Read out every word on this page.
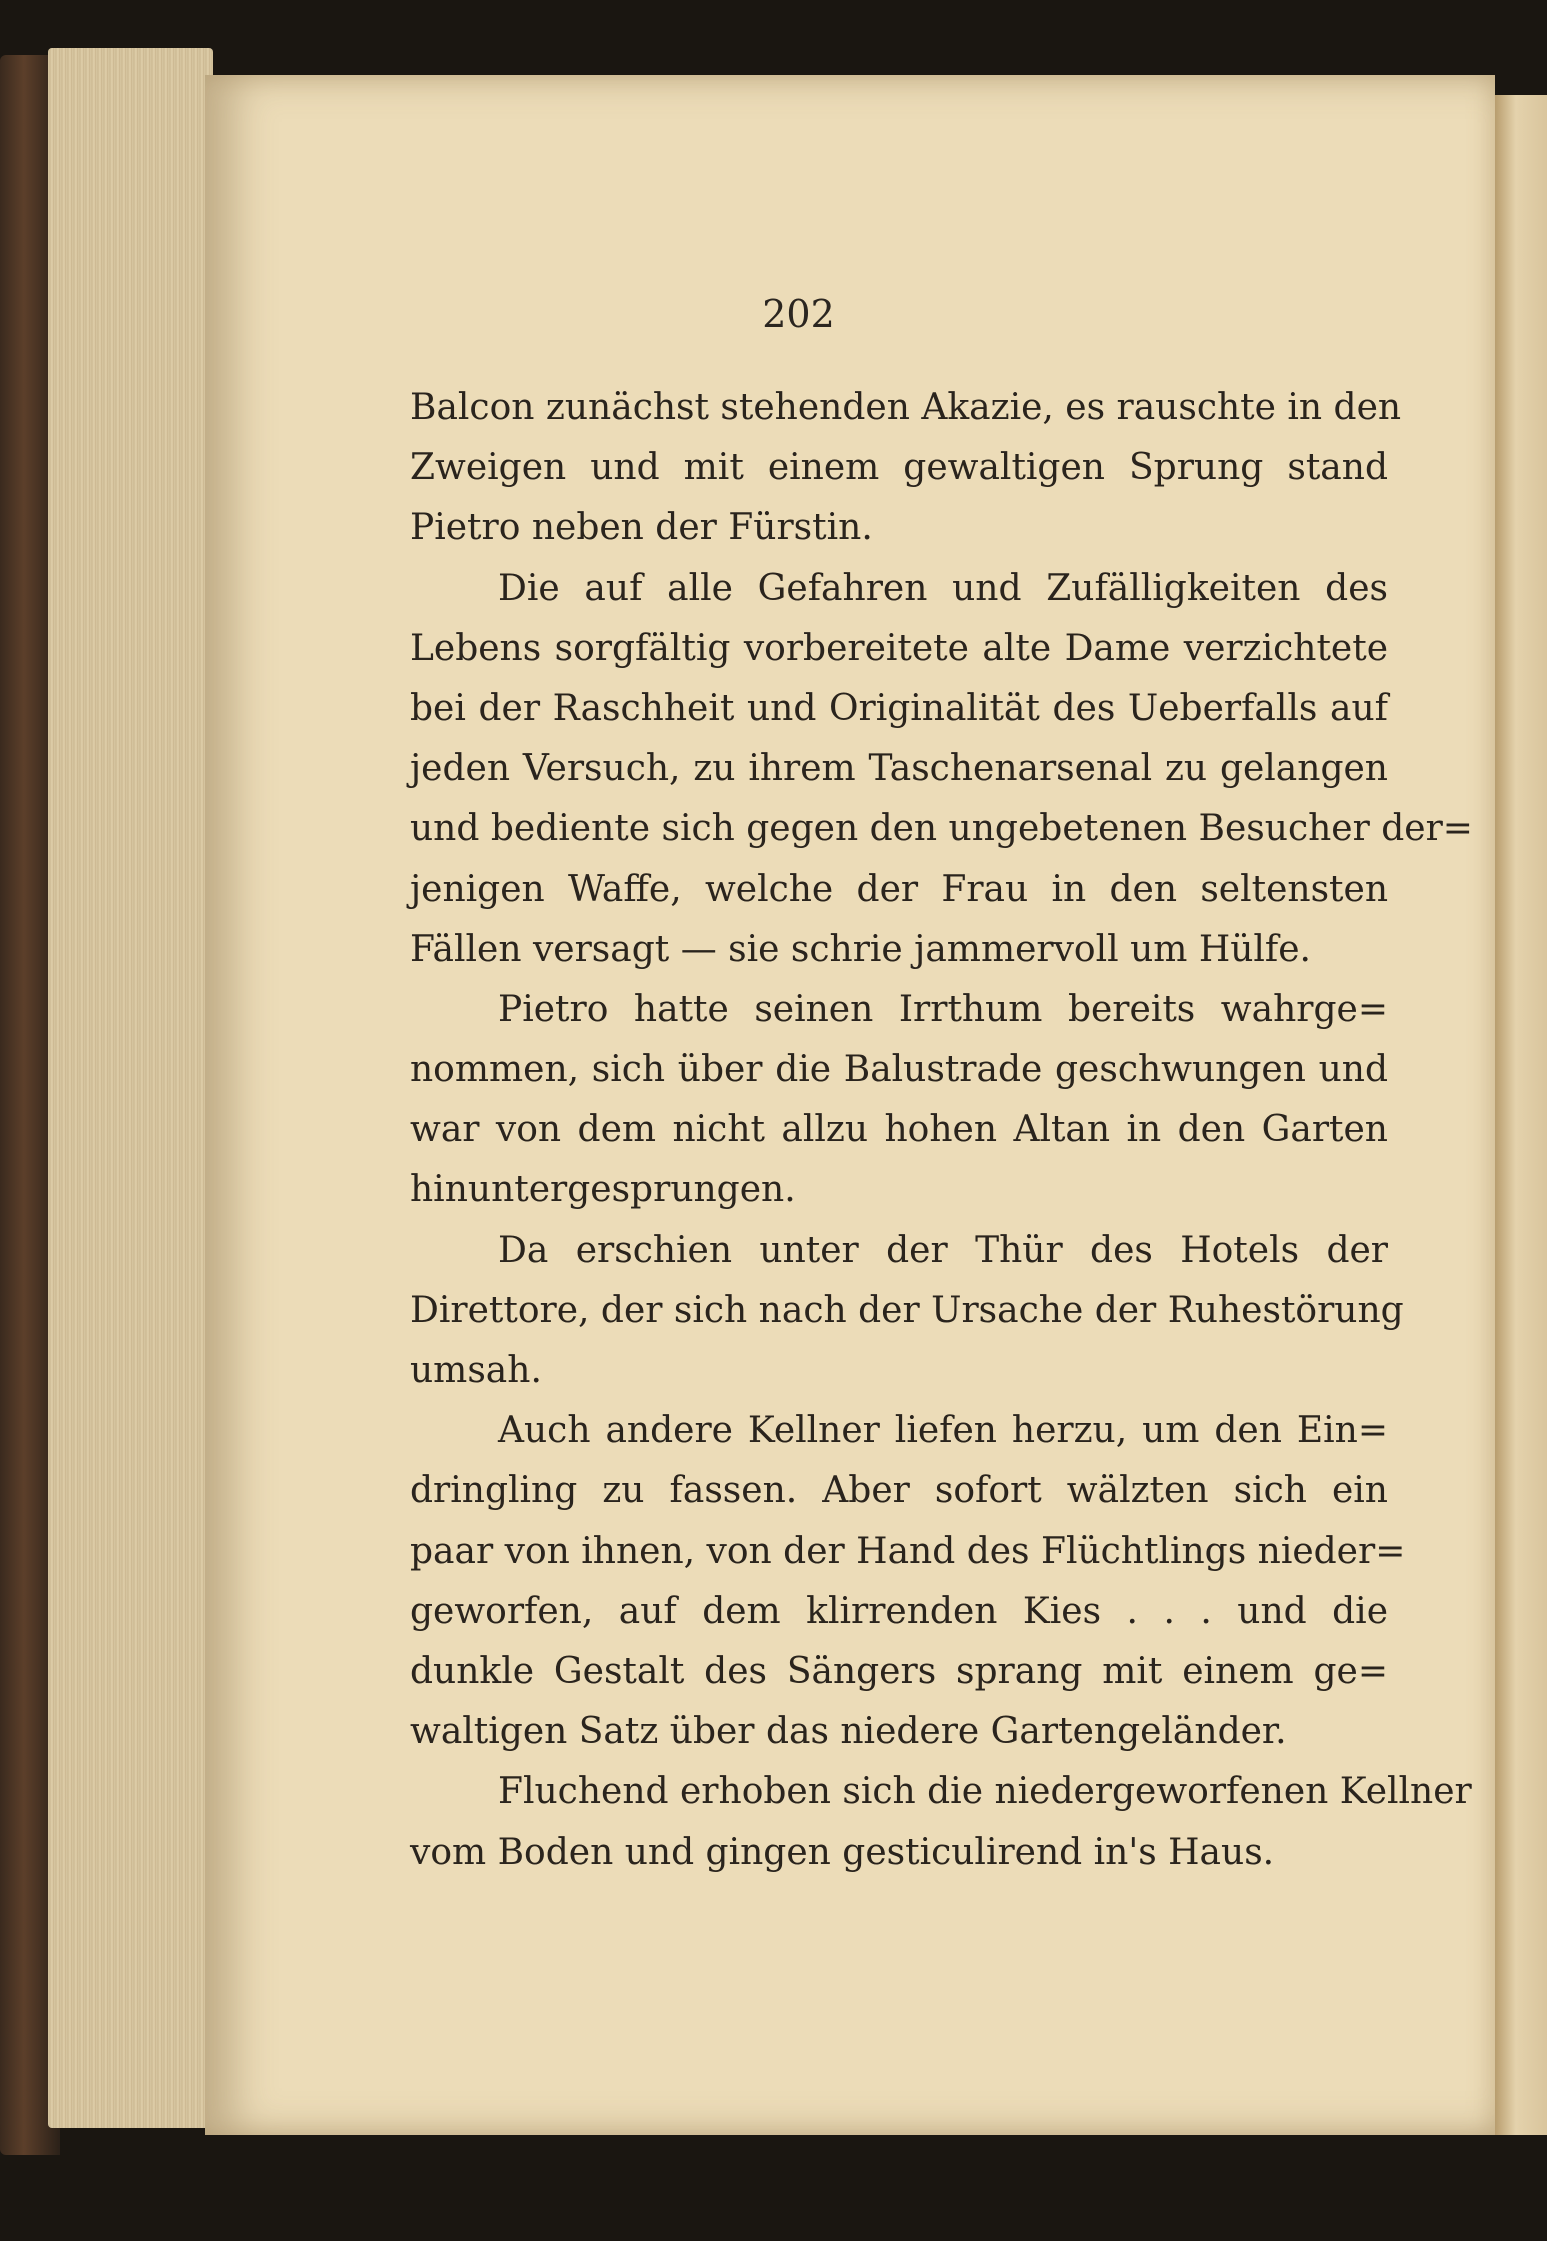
202
Balcon zunächst stehenden Akazie, es rauschte in den
Zweigen und mit einem gewaltigen Sprung stand
Pietro neben der Fürstin.
Die auf alle Gefahren und Zufälligkeiten des
Lebens sorgfältig vorbereitete alte Dame verzichtete
bei der Raschheit und Originalität des Ueberfalls auf
jeden Versuch, zu ihrem Taschenarsenal zu gelangen
und bediente sich gegen den ungebetenen Besucher der=
jenigen Waffe, welche der Frau in den seltensten
Fällen versagt — sie schrie jammervoll um Hülfe.
Pietro hatte seinen Irrthum bereits wahrge=
nommen, sich über die Balustrade geschwungen und
war von dem nicht allzu hohen Altan in den Garten
hinuntergesprungen.
Da erschien unter der Thür des Hotels der
Direttore, der sich nach der Ursache der Ruhestörung
umsah.
Auch andere Kellner liefen herzu, um den Ein=
dringling zu fassen. Aber sofort wälzten sich ein
paar von ihnen, von der Hand des Flüchtlings nieder=
geworfen, auf dem klirrenden Kies . . . und die
dunkle Gestalt des Sängers sprang mit einem ge=
waltigen Satz über das niedere Gartengeländer.
Fluchend erhoben sich die niedergeworfenen Kellner
vom Boden und gingen gesticulirend in's Haus.
